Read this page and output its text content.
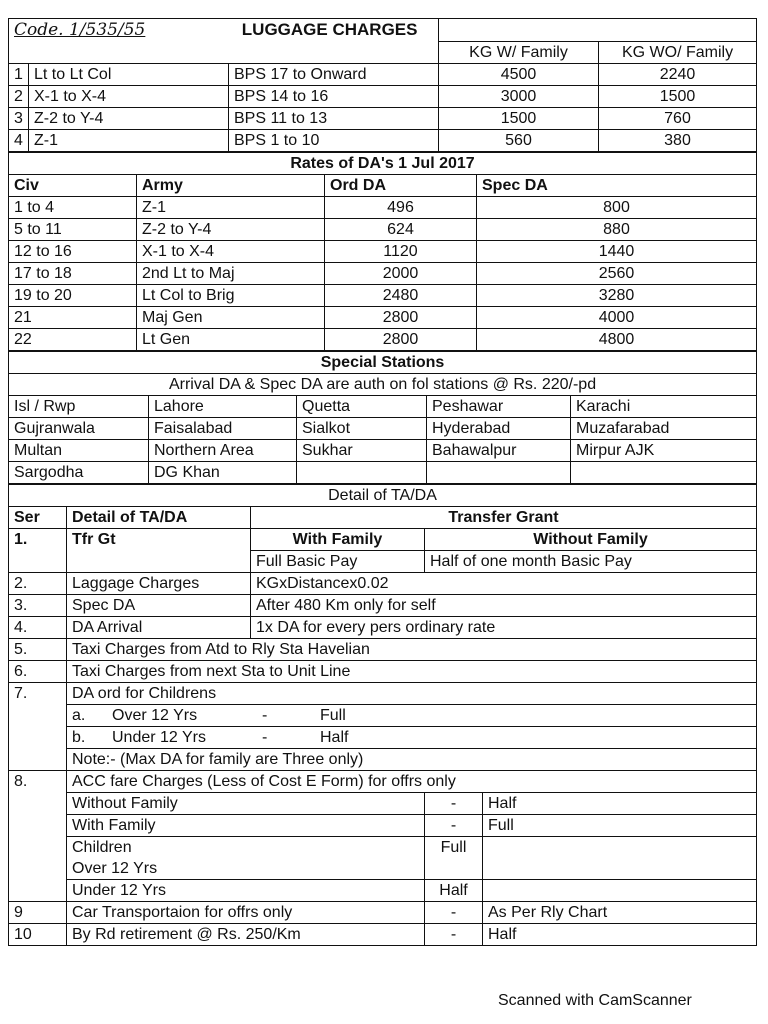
Code. 1/535/55 LUGGAGE CHARGES				
			KG W/ Family	KG WO/ Family
1	Lt to Lt Col	BPS 17 to Onward	4500	2240
2	X-1 to X-4	BPS 14 to 16	3000	1500
3	Z-2 to Y-4	BPS 11 to 13	1500	760
4	Z-1	BPS 1 to 10	560	380
Rates of DA's 1 Jul 2017			
Civ	Army	Ord DA	Spec DA
1 to 4	Z-1	496	800
5 to 11	Z-2 to Y-4	624	880
12 to 16	X-1 to X-4	1120	1440
17 to 18	2nd Lt to Maj	2000	2560
19 to 20	Lt Col to Brig	2480	3280
21	Maj Gen	2800	4000
22	Lt Gen	2800	4800
Special Stations				
Arrival DA & Spec DA are auth on fol stations @ Rs. 220/-pd				
Isl / Rwp	Lahore	Quetta	Peshawar	Karachi
Gujranwala	Faisalabad	Sialkot	Hyderabad	Muzafarabad
Multan	Northern Area	Sukhar	Bahawalpur	Mirpur AJK
Sargodha	DG Khan			
Detail of TA/DA				
Ser	Detail of TA/DA	Transfer Grant		
1.	Tfr Gt	With Family	Without Family	
		Full Basic Pay	Half of one month Basic Pay	
2.	Laggage Charges	KGxDistancex0.02		
3.	Spec DA	After 480 Km only for self		
4.	DA Arrival	1x DA for every pers ordinary rate		
5.	Taxi Charges from Atd to Rly Sta Havelian			
6.	Taxi Charges from next Sta to Unit Line			
7.	DA ord for Childrens			
	a. Over 12 Yrs - Full			
	b. Under 12 Yrs - Half			
	Note:- (Max DA for family are Three only)			
8.	ACC fare Charges (Less of Cost E Form) for offrs only			
	Without Family		-	Half
	With Family		-	Full
	Children		Full	
	Over 12 Yrs			
	Under 12 Yrs		Half	
9	Car Transportaion for offrs only		-	As Per Rly Chart
10	By Rd retirement @ Rs. 250/Km		-	Half
Scanned with CamScanner
